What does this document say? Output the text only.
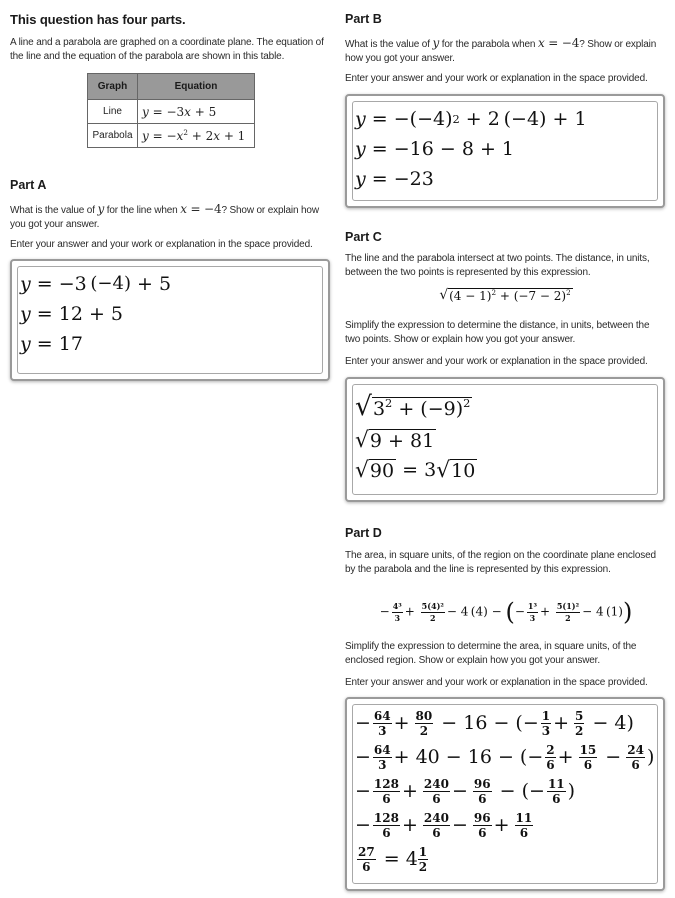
This question has four parts.
A line and a parabola are graphed on a coordinate plane. The equation of the line and the equation of the parabola are shown in this table.
Graph	Equation
Line	y = −3x + 5
Parabola	$y = -x^2 + 2x + 1$
Part A
What is the value of y for the line when x = −4? Show or explain how you got your answer.
Enter your answer and your work or explanation in the space provided.
y = −3  (−4) + 5
y = 12 + 5
y = 17
Part B
What is the value of y for the parabola when x = −4? Show or explain how you got your answer.
Enter your answer and your work or explanation in the space provided.
y = −(−4) 2 + 2 (−4) + 1
y = −16 − 8 + 1
y = −23
Part C
The line and the parabola intersect at two points. The distance, in units, between the two points is represented by this expression.
√ $(4 - 1)^2 + (-7 - 2)^2$
Simplify the expression to determine the distance, in units, between the two points. Show or explain how you got your answer.
Enter your answer and your work or explanation in the space provided.
√ $3^2 + (-9)^2$
√ 9 + 81
√ 90 = 3 √ 10
Part D
The area, in square units, of the region on the coordinate plane enclosed by the parabola and the line is represented by this expression.
− $\frac{\text{4³}}{3} + \frac{\text{5(4)²}}{2} - 4$ (4) − (− $\frac{\text{1³}}{3} + \frac{\text{5(1)²}}{2} - 4$ (1))
Simplify the expression to determine the area, in square units, of the enclosed region. Show or explain how you got your answer.
Enter your answer and your work or explanation in the space provided.
− $\frac{64}{3} + \frac{80}{2} - 16$ − (− $\frac{1}{3} + \frac{5}{2} - 4$)
− $\frac{64}{3} + 40 - 16$ − (− $\frac{2}{6} + \frac{15}{6} - \frac{24}{6}$ )
− $\frac{128}{6} + \frac{240}{6} - \frac{96}{6}$ − (− $\frac{11}{6}$ )
− $\frac{128}{6} + \frac{240}{6} - \frac{96}{6} + \frac{11}{6}$
$\frac{27}{6} = 4 \frac{1}{2}$
